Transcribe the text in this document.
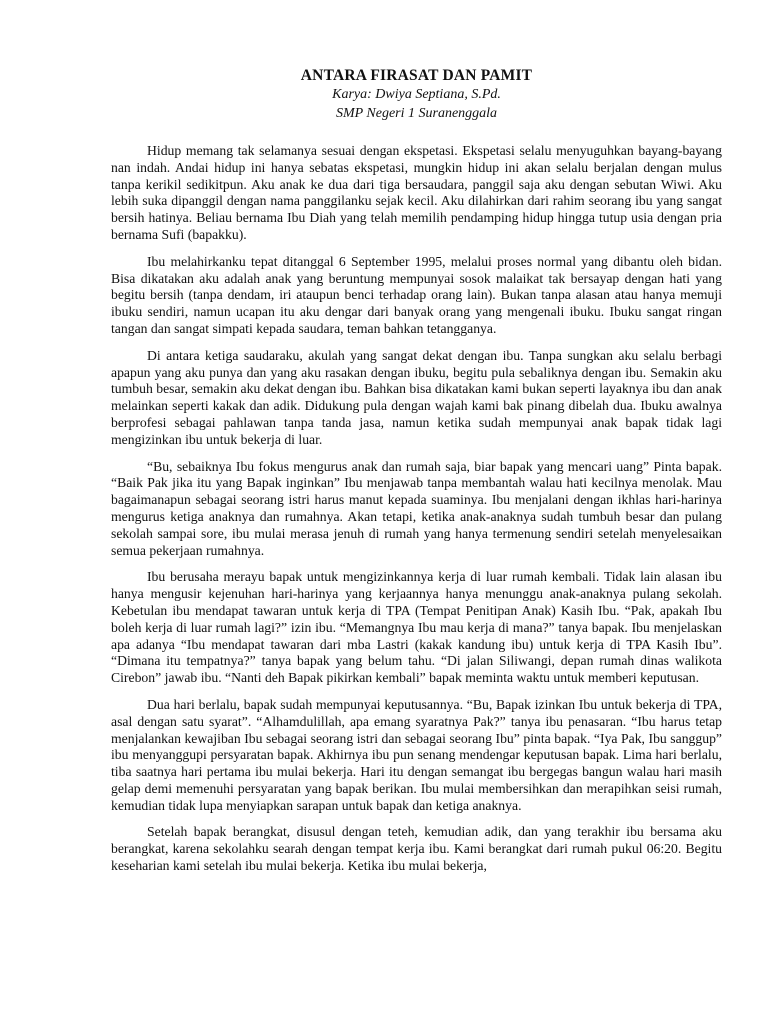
ANTARA FIRASAT DAN PAMIT

Karya: Dwiya Septiana, S.Pd.

SMP Negeri 1 Suranenggala

Hidup memang tak selamanya sesuai dengan ekspetasi. Ekspetasi selalu menyuguhkan bayang-bayang nan indah. Andai hidup ini hanya sebatas ekspetasi, mungkin hidup ini akan selalu berjalan dengan mulus tanpa kerikil sedikitpun. Aku anak ke dua dari tiga bersaudara, panggil saja aku dengan sebutan Wiwi. Aku lebih suka dipanggil dengan nama panggilanku sejak kecil. Aku dilahirkan dari rahim seorang ibu yang sangat bersih hatinya. Beliau bernama Ibu Diah yang telah memilih pendamping hidup hingga tutup usia dengan pria bernama Sufi (bapakku).

Ibu melahirkanku tepat ditanggal 6 September 1995, melalui proses normal yang dibantu oleh bidan. Bisa dikatakan aku adalah anak yang beruntung mempunyai sosok malaikat tak bersayap dengan hati yang begitu bersih (tanpa dendam, iri ataupun benci terhadap orang lain). Bukan tanpa alasan atau hanya memuji ibuku sendiri, namun ucapan itu aku dengar dari banyak orang yang mengenali ibuku. Ibuku sangat ringan tangan dan sangat simpati kepada saudara, teman bahkan tetangganya.

Di antara ketiga saudaraku, akulah yang sangat dekat dengan ibu. Tanpa sungkan aku selalu berbagi apapun yang aku punya dan yang aku rasakan dengan ibuku, begitu pula sebaliknya dengan ibu. Semakin aku tumbuh besar, semakin aku dekat dengan ibu. Bahkan bisa dikatakan kami bukan seperti layaknya ibu dan anak melainkan seperti kakak dan adik. Didukung pula dengan wajah kami bak pinang dibelah dua. Ibuku awalnya berprofesi sebagai pahlawan tanpa tanda jasa, namun ketika sudah mempunyai anak bapak tidak lagi mengizinkan ibu untuk bekerja di luar.

“Bu, sebaiknya Ibu fokus mengurus anak dan rumah saja, biar bapak yang mencari uang” Pinta bapak. “Baik Pak jika itu yang Bapak inginkan” Ibu menjawab tanpa membantah walau hati kecilnya menolak. Mau bagaimanapun sebagai seorang istri harus manut kepada suaminya. Ibu menjalani dengan ikhlas hari-harinya mengurus ketiga anaknya dan rumahnya. Akan tetapi, ketika anak-anaknya sudah tumbuh besar dan pulang sekolah sampai sore, ibu mulai merasa jenuh di rumah yang hanya termenung sendiri setelah menyelesaikan semua pekerjaan rumahnya.

Ibu berusaha merayu bapak untuk mengizinkannya kerja di luar rumah kembali. Tidak lain alasan ibu hanya mengusir kejenuhan hari-harinya yang kerjaannya hanya menunggu anak-anaknya pulang sekolah. Kebetulan ibu mendapat tawaran untuk kerja di TPA (Tempat Penitipan Anak) Kasih Ibu. “Pak, apakah Ibu boleh kerja di luar rumah lagi?” izin ibu. “Memangnya Ibu mau kerja di mana?” tanya bapak. Ibu menjelaskan apa adanya “Ibu mendapat tawaran dari mba Lastri (kakak kandung ibu) untuk kerja di TPA Kasih Ibu”. “Dimana itu tempatnya?” tanya bapak yang belum tahu. “Di jalan Siliwangi, depan rumah dinas walikota Cirebon” jawab ibu. “Nanti deh Bapak pikirkan kembali” bapak meminta waktu untuk memberi keputusan.

Dua hari berlalu, bapak sudah mempunyai keputusannya. “Bu, Bapak izinkan Ibu untuk bekerja di TPA, asal dengan satu syarat”. “Alhamdulillah, apa emang syaratnya Pak?” tanya ibu penasaran. “Ibu harus tetap menjalankan kewajiban Ibu sebagai seorang istri dan sebagai seorang Ibu” pinta bapak. “Iya Pak, Ibu sanggup” ibu menyanggupi persyaratan bapak. Akhirnya ibu pun senang mendengar keputusan bapak. Lima hari berlalu, tiba saatnya hari pertama ibu mulai bekerja. Hari itu dengan semangat ibu bergegas bangun walau hari masih gelap demi memenuhi persyaratan yang bapak berikan. Ibu mulai membersihkan dan merapihkan seisi rumah, kemudian tidak lupa menyiapkan sarapan untuk bapak dan ketiga anaknya.

Setelah bapak berangkat, disusul dengan teteh, kemudian adik, dan yang terakhir ibu bersama aku berangkat, karena sekolahku searah dengan tempat kerja ibu. Kami berangkat dari rumah pukul 06:20. Begitu keseharian kami setelah ibu mulai bekerja. Ketika ibu mulai bekerja,
